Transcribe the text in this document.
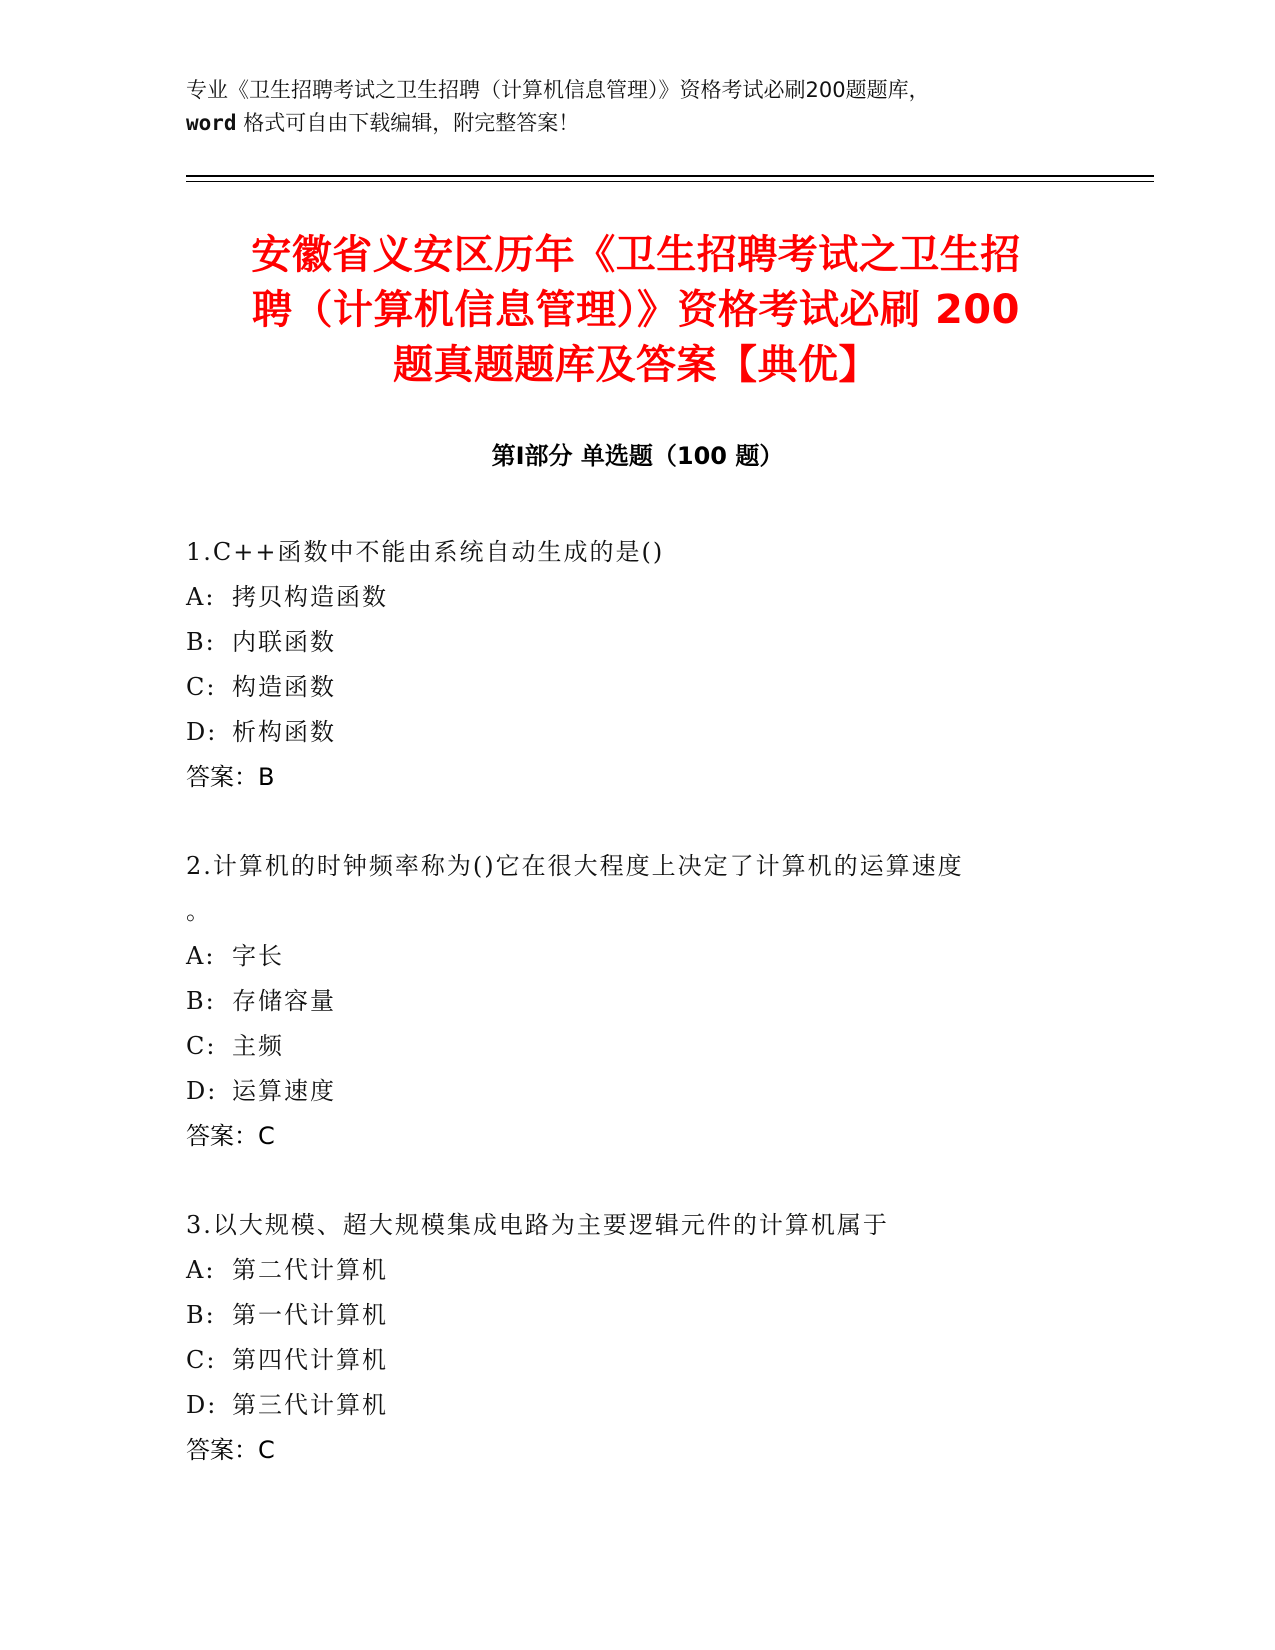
专业《卫生招聘考试之卫生招聘（计算机信息管理）》资格考试必刷200题题库，
word 格式可自由下载编辑，附完整答案！
安徽省义安区历年《卫生招聘考试之卫生招
聘（计算机信息管理）》资格考试必刷 200
题真题题库及答案【典优】
第Ⅰ部分 单选题（100 题）
1.C++函数中不能由系统自动生成的是()
A: 拷贝构造函数
B: 内联函数
C: 构造函数
D: 析构函数
答案：B
2.计算机的时钟频率称为()它在很大程度上决定了计算机的运算速度
。
A: 字长
B: 存储容量
C: 主频
D: 运算速度
答案：C
3.以大规模、超大规模集成电路为主要逻辑元件的计算机属于
A: 第二代计算机
B: 第一代计算机
C: 第四代计算机
D: 第三代计算机
答案：C
